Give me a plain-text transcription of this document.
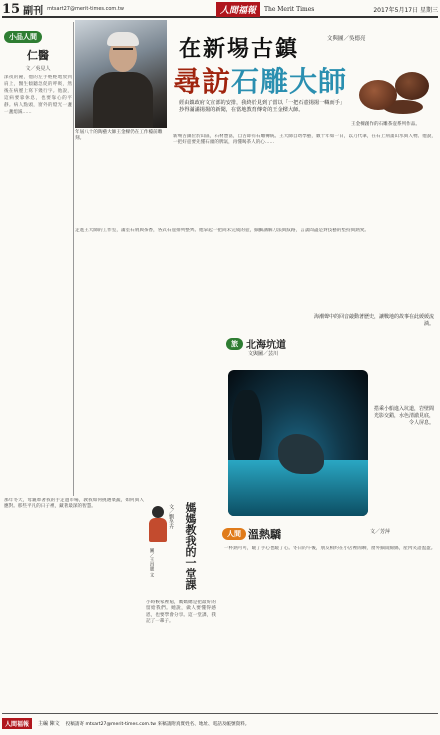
15 副刊 mtsart27@merit-times.com.tw	人間福報	The Merit Times	2017年5月17日 星期三
小品人間
仁醫
文／吳見人
深夜的鐘，他的左手輕輕地放到肩上，醫生傾聽急促的呼吸，然後在病歷上寫下幾行字。他說，這病要靠休息，也要靠心的平靜。病人點頭，窗外的燈光一盞一盞熄滅……
年屆八十的陶藝大師王金樑仍在工作檯前雕刻。
文與圖／吳德亮
在新埸古鎮
尋訪石雕大師
經由鎮政府文宣部的安排，我終於見到了當以「一把石壺揚揚一幟而手」抄得滿滿揚揚的新聞，在當地教育傳奇的王金樑大師。
王金樑創作的石雕茶壺系列作品。
新埸古鎮位於山區，石材豐富，自古即有石雕傳統。王大師自幼學藝，數十年如一日，以刀代筆，在石上刻畫山水與人物。他說，一把好壺要先懂石頭的脾氣，再懂喝茶人的心……
走進王大師的工作室，滿室石屑與茶香，各式石壺排列整齊。他拿起一把尚未完成的壺，細細講解刀法與紋路，言談間盡是對技藝的堅持與熱愛。
旅 北海坑道
文與圖／芸川
海潮聲中的回音敲動著歷史，讓戰地的故事在此緩緩流淌。
搭乘小船進入坑道，岩壁間光影交錯，水色清澈見底，令人屏息。
那年冬天，母親牽著我的手走過市場，教我如何挑選菜蔬，如何與人應對。那些平凡的日子裡，藏著最深的智慧。	媽媽教我的一堂課
文／劉冬卉
圖／王昌惠 文
小時候家裡窮，媽媽總是把最好的留給我們。她說，做人要懂得感恩，也要學會分享。這一堂課，我記了一輩子。
人間 溫熱驕	文／芳萍
一杯熱可可，暖了手心也暖了心。冬日的午後，朋友相約在小店裡閒聊，窗外細雨綿綿，屋內笑語盈盈。
人間福報	主編 陳文 投稿請寄 mtsart27@merit-times.com.tw 來稿請附真實姓名、地址、電話及帳號資料。
